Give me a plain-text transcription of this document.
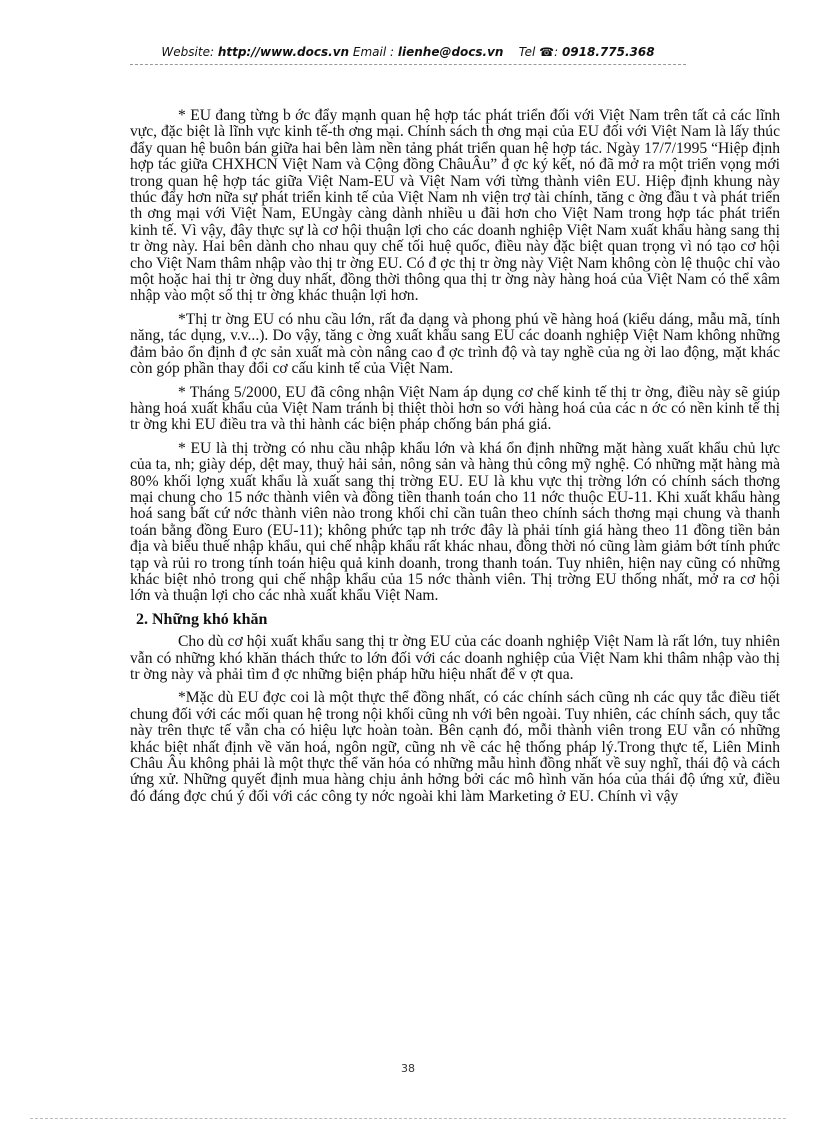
Website: http://www.docs.vn Email : lienhe@docs.vn Tel ☎: 0918.775.368

* EU đang từng b ớc đẩy mạnh quan hệ hợp tác phát triển đối với Việt Nam trên tất cả các lĩnh vực, đặc biệt là lĩnh vực kinh tế-th ơng mại. Chính sách th ơng mại của EU đối với Việt Nam là lấy thúc đẩy quan hệ buôn bán giữa hai bên làm nền tảng phát triển quan hệ hợp tác. Ngày 17/7/1995 “Hiệp định hợp tác giữa CHXHCN Việt Nam và Cộng đồng ChâuÂu” đ ợc ký kết, nó đã mở ra một triển vọng mới trong quan hệ hợp tác giữa Việt Nam-EU và Việt Nam với từng thành viên EU. Hiệp định khung này thúc đẩy hơn nữa sự phát triển kinh tế của Việt Nam nh viện trợ tài chính, tăng c ờng đầu t và phát triển th ơng mại với Việt Nam, EUngày càng dành nhiều u đãi hơn cho Việt Nam trong hợp tác phát triển kinh tế. Vì vậy, đây thực sự là cơ hội thuận lợi cho các doanh nghiệp Việt Nam xuất khẩu hàng sang thị tr ờng này. Hai bên dành cho nhau quy chế tối huệ quốc, điều này đặc biệt quan trọng vì nó tạo cơ hội cho Việt Nam thâm nhập vào thị tr ờng EU. Có đ ợc thị tr ờng này Việt Nam không còn lệ thuộc chỉ vào một hoặc hai thị tr ờng duy nhất, đồng thời thông qua thị tr ờng này hàng hoá của Việt Nam có thể xâm nhập vào một số thị tr ờng khác thuận lợi hơn.

*Thị tr ờng EU có nhu cầu lớn, rất đa dạng và phong phú về hàng hoá (kiểu dáng, mẫu mã, tính năng, tác dụng, v.v...). Do vậy, tăng c ờng xuất khẩu sang EU các doanh nghiệp Việt Nam không những đảm bảo ổn định đ ợc sản xuất mà còn nâng cao đ ợc trình độ và tay nghề của ng ời lao động, mặt khác còn góp phần thay đổi cơ cấu kinh tế của Việt Nam.

* Tháng 5/2000, EU đã công nhận Việt Nam áp dụng cơ chế kinh tế thị tr ờng, điều này sẽ giúp hàng hoá xuất khẩu của Việt Nam tránh bị thiệt thòi hơn so với hàng hoá của các n ớc có nền kinh tế thị tr ờng khi EU điều tra và thi hành các biện pháp chống bán phá giá.

* EU là thị trờng có nhu cầu nhập khẩu lớn và khá ổn định những mặt hàng xuất khẩu chủ lực của ta, nh; giày dép, dệt may, thuỷ hải sản, nông sản và hàng thủ công mỹ nghệ. Có những mặt hàng mà 80% khối lợng xuất khẩu là xuất sang thị trờng EU. EU là khu vực thị trờng lớn có chính sách thơng mại chung cho 15 nớc thành viên và đồng tiền thanh toán cho 11 nớc thuộc EU-11. Khi xuất khẩu hàng hoá sang bất cứ nớc thành viên nào trong khối chỉ cần tuân theo chính sách thơng mại chung và thanh toán bằng đồng Euro (EU-11); không phức tạp nh trớc đây là phải tính giá hàng theo 11 đồng tiền bản địa và biểu thuế nhập khẩu, qui chế nhập khẩu rất khác nhau, đồng thời nó cũng làm giảm bớt tính phức tạp và rủi ro trong tính toán hiệu quả kinh doanh, trong thanh toán. Tuy nhiên, hiện nay cũng có những khác biệt nhỏ trong qui chế nhập khẩu của 15 nớc thành viên. Thị trờng EU thống nhất, mở ra cơ hội lớn và thuận lợi cho các nhà xuất khẩu Việt Nam.

2. Những khó khăn

Cho dù cơ hội xuất khẩu sang thị tr ờng EU của các doanh nghiệp Việt Nam là rất lớn, tuy nhiên vẫn có những khó khăn thách thức to lớn đối với các doanh nghiệp của Việt Nam khi thâm nhập vào thị tr ờng này và phải tìm đ ợc những biện pháp hữu hiệu nhất để v ợt qua.

*Mặc dù EU đợc coi là một thực thể đồng nhất, có các chính sách cũng nh các quy tắc điều tiết chung đối với các mối quan hệ trong nội khối cũng nh với bên ngoài. Tuy nhiên, các chính sách, quy tắc này trên thực tế vẫn cha có hiệu lực hoàn toàn. Bên cạnh đó, mỗi thành viên trong EU vẫn có những khác biệt nhất định về văn hoá, ngôn ngữ, cũng nh về các hệ thống pháp lý.Trong thực tế, Liên Minh Châu Âu không phải là một thực thể văn hóa có những mẫu hình đồng nhất về suy nghĩ, thái độ và cách ứng xử. Những quyết định mua hàng chịu ảnh hởng bởi các mô hình văn hóa của thái độ ứng xử, điều đó đáng đợc chú ý đối với các công ty nớc ngoài khi làm Marketing ở EU. Chính vì vậy

38
